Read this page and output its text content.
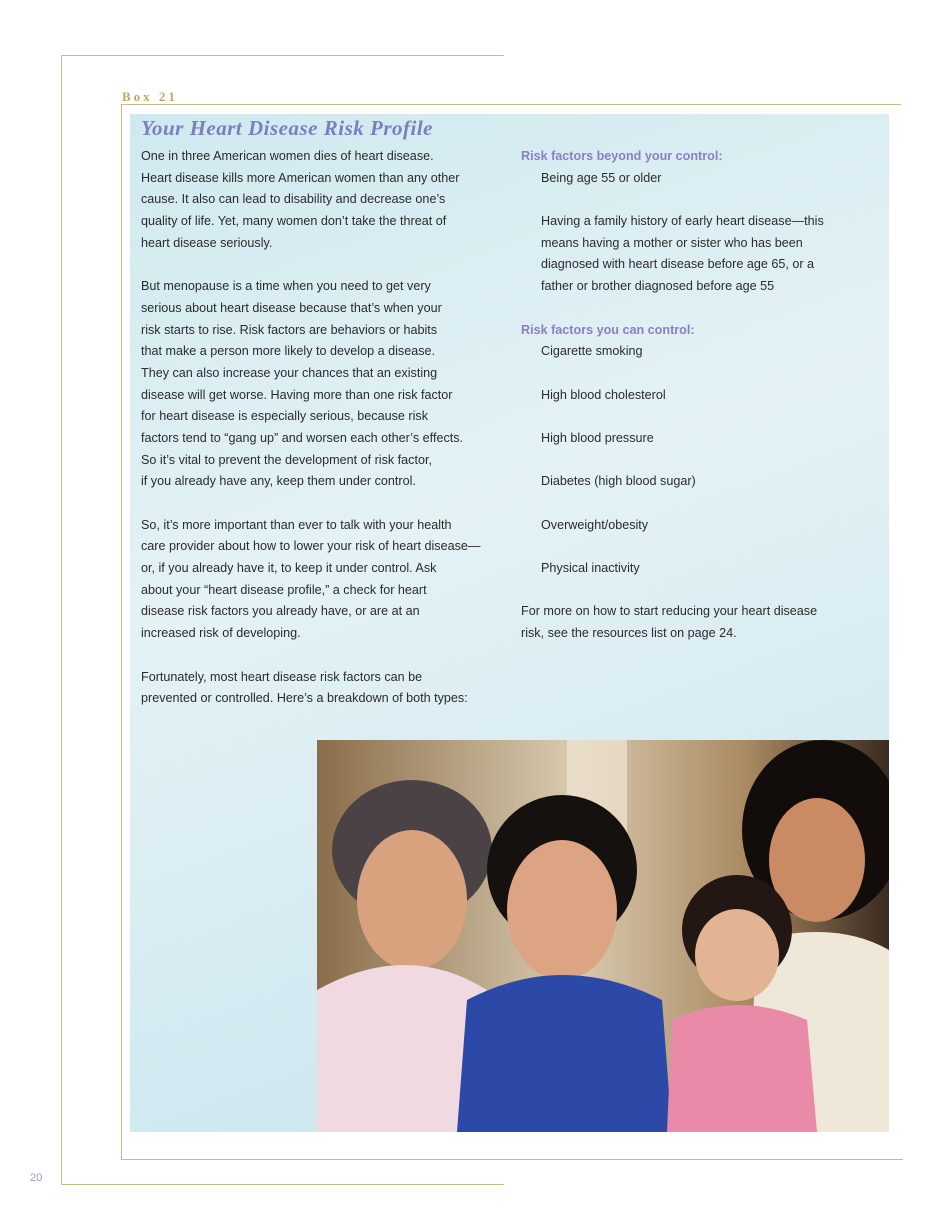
Box 21
Your Heart Disease Risk Profile
One in three American women dies of heart disease.
Heart disease kills more American women than any other
cause. It also can lead to disability and decrease one’s
quality of life. Yet, many women don’t take the threat of
heart disease seriously.
But menopause is a time when you need to get very
serious about heart disease because that’s when your
risk starts to rise. Risk factors are behaviors or habits
that make a person more likely to develop a disease.
They can also increase your chances that an existing
disease will get worse. Having more than one risk factor
for heart disease is especially serious, because risk
factors tend to “gang up” and worsen each other’s effects.
So it’s vital to prevent the development of risk factor,
if you already have any, keep them under control.
So, it’s more important than ever to talk with your health
care provider about how to lower your risk of heart disease—
or, if you already have it, to keep it under control. Ask
about your “heart disease profile,” a check for heart
disease risk factors you already have, or are at an
increased risk of developing.
Fortunately, most heart disease risk factors can be
prevented or controlled. Here’s a breakdown of both types:
Risk factors beyond your control:
Being age 55 or older
Having a family history of early heart disease—this
means having a mother or sister who has been
diagnosed with heart disease before age 65, or a
father or brother diagnosed before age 55
Risk factors you can control:
Cigarette smoking
High blood cholesterol
High blood pressure
Diabetes (high blood sugar)
Overweight/obesity
Physical inactivity
For more on how to start reducing your heart disease
risk, see the resources list on page 24.
20
